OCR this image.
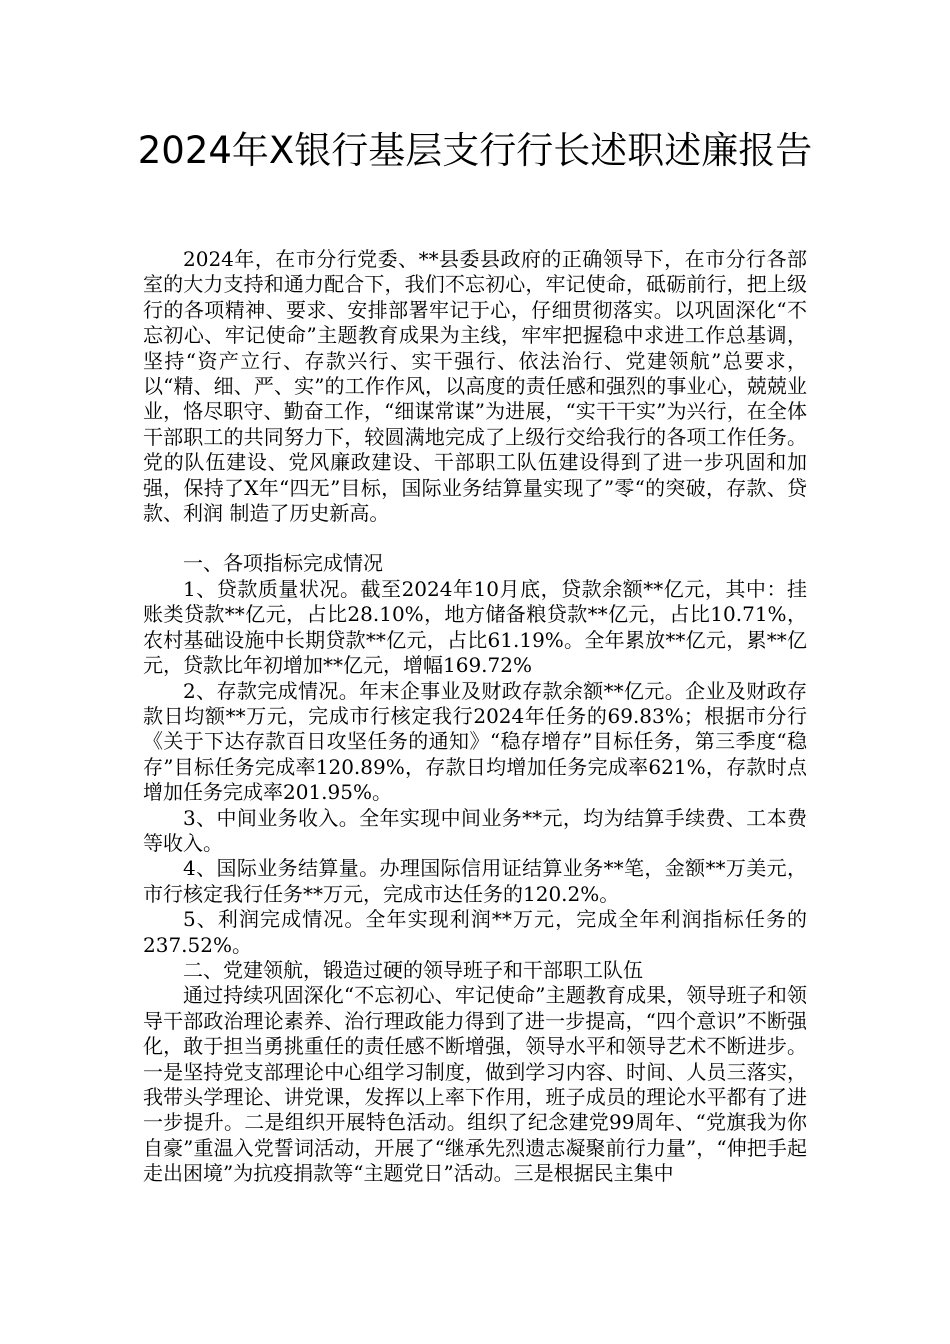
2024年X银行基层支行行长述职述廉报告

2024年，在市分行党委、**县委县政府的正确领导下，在市分行各部室的大力支持和通力配合下，我们不忘初心，牢记使命，砥砺前行，把上级行的各项精神、要求、安排部署牢记于心，仔细贯彻落实。以巩固深化“不忘初心、牢记使命”主题教育成果为主线，牢牢把握稳中求进工作总基调，坚持“资产立行、存款兴行、实干强行、依法治行、党建领航”总要求，以“精、细、严、实”的工作作风，以高度的责任感和强烈的事业心，兢兢业业，恪尽职守、勤奋工作，“细谋常谋”为进展，“实干干实”为兴行，在全体干部职工的共同努力下，较圆满地完成了上级行交给我行的各项工作任务。党的队伍建设、党风廉政建设、干部职工队伍建设得到了进一步巩固和加强，保持了X年“四无”目标，国际业务结算量实现了”零“的突破，存款、贷款、利润 制造了历史新高。

一、各项指标完成情况

1、贷款质量状况。截至2024年10月底，贷款余额**亿元，其中：挂账类贷款**亿元，占比28.10%，地方储备粮贷款**亿元，占比10.71%，农村基础设施中长期贷款**亿元，占比61.19%。全年累放**亿元，累**亿元，贷款比年初增加**亿元，增幅169.72%

2、存款完成情况。年末企事业及财政存款余额**亿元。企业及财政存款日均额**万元，完成市行核定我行2024年任务的69.83%；根据市分行《关于下达存款百日攻坚任务的通知》“稳存增存”目标任务，第三季度“稳存”目标任务完成率120.89%，存款日均增加任务完成率621%，存款时点增加任务完成率201.95%。

3、中间业务收入。全年实现中间业务**元，均为结算手续费、工本费等收入。

4、国际业务结算量。办理国际信用证结算业务**笔，金额**万美元，市行核定我行任务**万元，完成市达任务的120.2%。

5、利润完成情况。全年实现利润**万元，完成全年利润指标任务的237.52%。

二、党建领航，锻造过硬的领导班子和干部职工队伍

通过持续巩固深化“不忘初心、牢记使命”主题教育成果，领导班子和领导干部政治理论素养、治行理政能力得到了进一步提高，“四个意识”不断强化，敢于担当勇挑重任的责任感不断增强，领导水平和领导艺术不断进步。一是坚持党支部理论中心组学习制度，做到学习内容、时间、人员三落实，我带头学理论、讲党课，发挥以上率下作用，班子成员的理论水平都有了进一步提升。二是组织开展特色活动。组织了纪念建党99周年、“党旗我为你自豪”重温入党誓词活动，开展了“继承先烈遗志凝聚前行力量”，“伸把手起走出困境”为抗疫捐款等“主题党日”活动。三是根据民主集中
